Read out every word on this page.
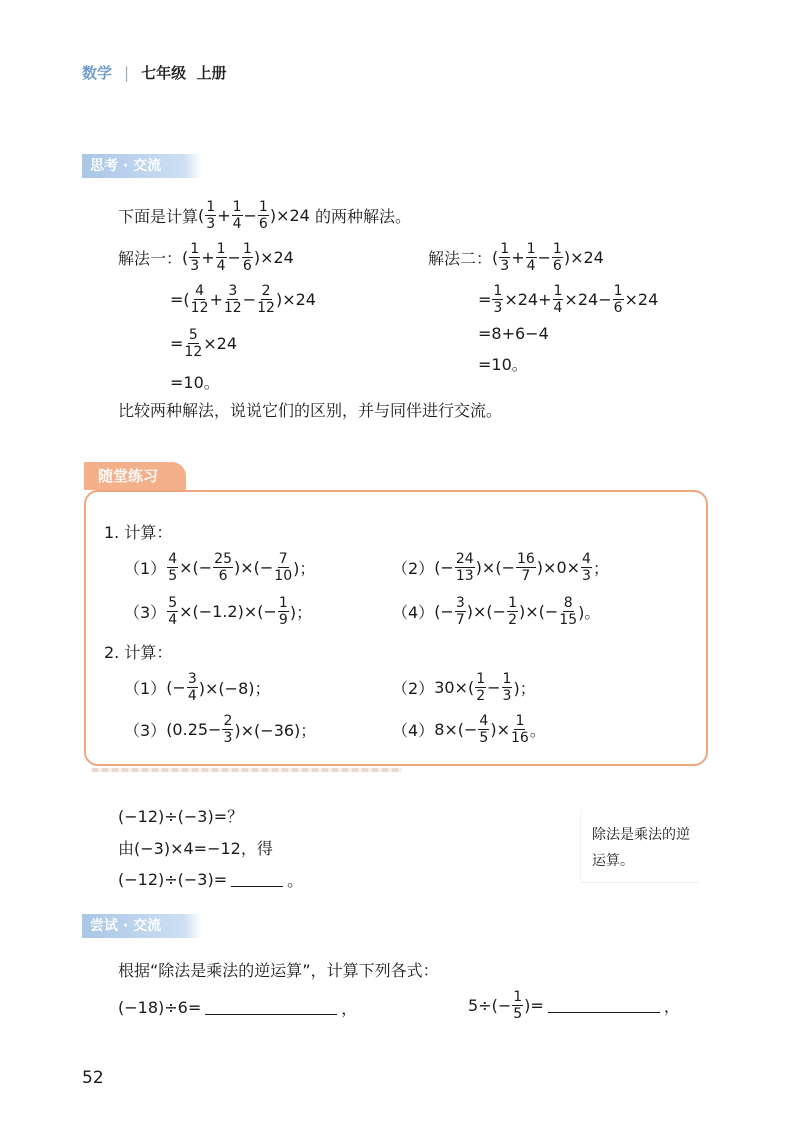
数学 | 七年级 上册
思考 · 交流
下面是计算 ( $\frac{1}{3} + \frac{1}{4} - \frac{1}{6} )\times 24$ 的两种解法。
解法一： ( $\frac{1}{3} + \frac{1}{4} - \frac{1}{6} )\times 24$
=( $\frac{4}{12} + \frac{3}{12} - \frac{2}{12} )\times 24$
= $\frac{5}{12} \times 24$
=10。
解法二： ( $\frac{1}{3} + \frac{1}{4} - \frac{1}{6} )\times 24$
= $\frac{1}{3} \times 24+ \frac{1}{4} \times 24- \frac{1}{6} \times 24$
=8+6−4
=10。
比较两种解法，说说它们的区别，并与同伴进行交流。
随堂练习
1. 计算：
$(1) \frac{4}{5}$ ×(− $\frac{25}{6}$ )×(− $\frac{7}{10}$ )；	（2） (− $\frac{24}{13}$ )×(− $\frac{16}{7} )\times 0\times \frac{4}{3}$ ；
$(3) \frac{5}{4} \times(-1.2)\times(- \frac{1}{9}$ )；	（4） (− $\frac{3}{7}$ )×(− $\frac{1}{2}$ )×(− $\frac{8}{15}$ )。
2. 计算：
（1） (− $\frac{3}{4} )\times(-8)$；	（2） $30\times( \frac{1}{2} - \frac{1}{3}$ )；
（3） $(0.25- \frac{2}{3} )\times(-36)$；	（4） $8\times(- \frac{4}{5}$ )× $\frac{1}{16}$ 。
(−12)÷(−3)=？
由(−3)×4=−12，得
(−12)÷(−3)=	。
除法是乘法的逆运算。
尝试 · 交流
根据“除法是乘法的逆运算”，计算下列各式：
(−18)÷6=	，	$5\div(- \frac{1}{5}$ )=	，
52
